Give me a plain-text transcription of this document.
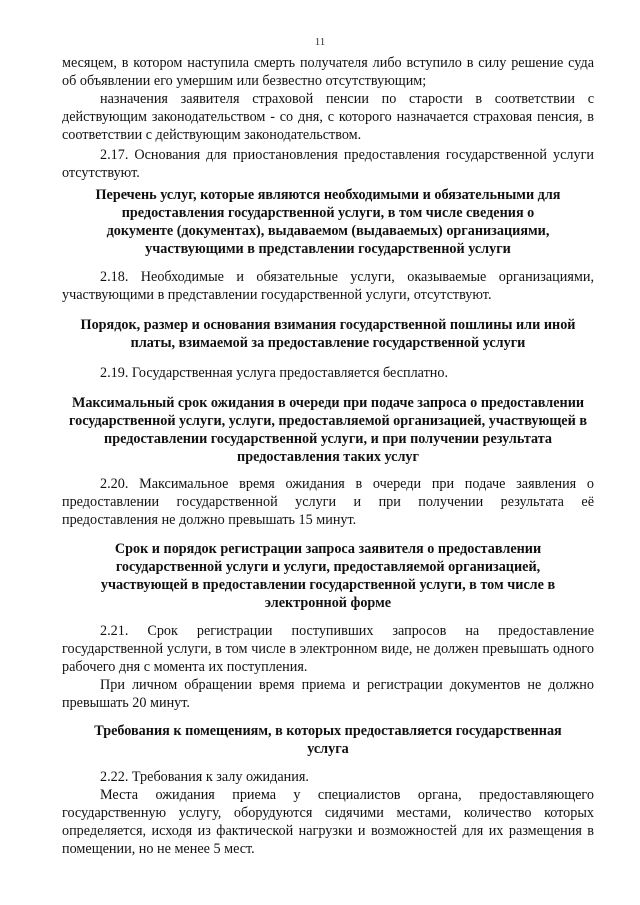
11

месяцем, в котором наступила смерть получателя либо вступило в силу решение суда об объявлении его умершим или безвестно отсутствующим;

назначения заявителя страховой пенсии по старости в соответствии с действующим законодательством - со дня, с которого назначается страховая пенсия, в соответствии с действующим законодательством.

2.17. Основания для приостановления предоставления государственной услуги отсутствуют.

Перечень услуг, которые являются необходимыми и обязательными для предоставления государственной услуги, в том числе сведения о документе (документах), выдаваемом (выдаваемых) организациями, участвующими в представлении государственной услуги

2.18. Необходимые и обязательные услуги, оказываемые организациями, участвующими в представлении государственной услуги, отсутствуют.

Порядок, размер и основания взимания государственной пошлины или иной платы, взимаемой за предоставление государственной услуги

2.19. Государственная услуга предоставляется бесплатно.

Максимальный срок ожидания в очереди при подаче запроса о предоставлении государственной услуги, услуги, предоставляемой организацией, участвующей в предоставлении государственной услуги, и при получении результата предоставления таких услуг

2.20. Максимальное время ожидания в очереди при подаче заявления о предоставлении государственной услуги и при получении результата её предоставления не должно превышать 15 минут.

Срок и порядок регистрации запроса заявителя о предоставлении государственной услуги и услуги, предоставляемой организацией, участвующей в предоставлении государственной услуги, в том числе в электронной форме

2.21. Срок регистрации поступивших запросов на предоставление государственной услуги, в том числе в электронном виде, не должен превышать одного рабочего дня с момента их поступления.

При личном обращении время приема и регистрации документов не должно превышать 20 минут.

Требования к помещениям, в которых предоставляется государственная услуга

2.22. Требования к залу ожидания.

Места ожидания приема у специалистов органа, предоставляющего государственную услугу, оборудуются сидячими местами, количество которых определяется, исходя из фактической нагрузки и возможностей для их размещения в помещении, но не менее 5 мест.
